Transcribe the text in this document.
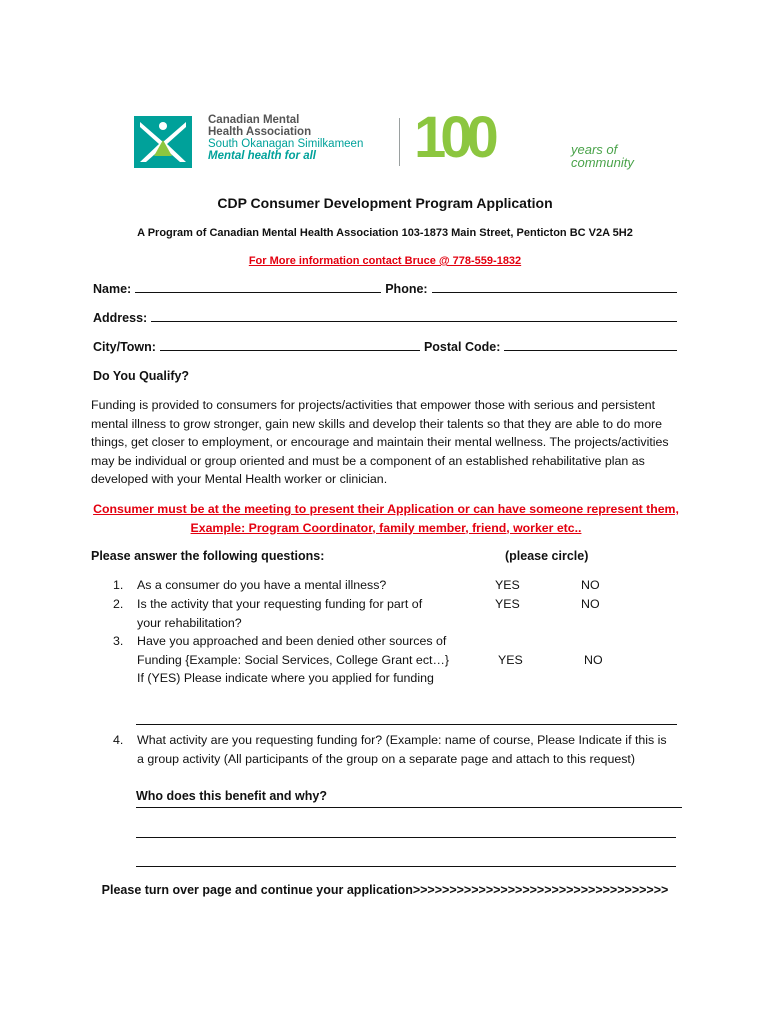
Canadian Mental
Health Association
South Okanagan Similkameen
Mental health for all 100	years of
community
CDP Consumer Development Program Application
A Program of Canadian Mental Health Association 103-1873 Main Street, Penticton BC V2A 5H2
For More information contact Bruce @ 778-559-1832
Name:	Phone:
Address:
City/Town:	Postal Code:
Do You Qualify?
Funding is provided to consumers for projects/activities that empower those with serious and persistent mental illness to grow stronger, gain new skills and develop their talents so that they are able to do more things, get closer to employment, or encourage and maintain their mental wellness. The projects/activities may be individual or group oriented and must be a component of an established rehabilitative plan as developed with your Mental Health worker or clinician.
Consumer must be at the meeting to present their Application or can have someone represent them,
Example: Program Coordinator, family member, friend, worker etc..
Please answer the following questions:	(please circle)
1. As a consumer do you have a mental illness?	YES	NO
2. Is the activity that your requesting funding for part of
your rehabilitation?
YES	NO
3. Have you approached and been denied other sources of
Funding {Example: Social Services, College Grant ect…}
If (YES) Please indicate where you applied for funding
YES	NO
4. What activity are you requesting funding for? (Example: name of course, Please Indicate if this is
a group activity (All participants of the group on a separate page and attach to this request)
Who does this benefit and why?
Please turn over page and continue your application>>>>>>>>>>>>>>>>>>>>>>>>>>>>>>>>>>>
